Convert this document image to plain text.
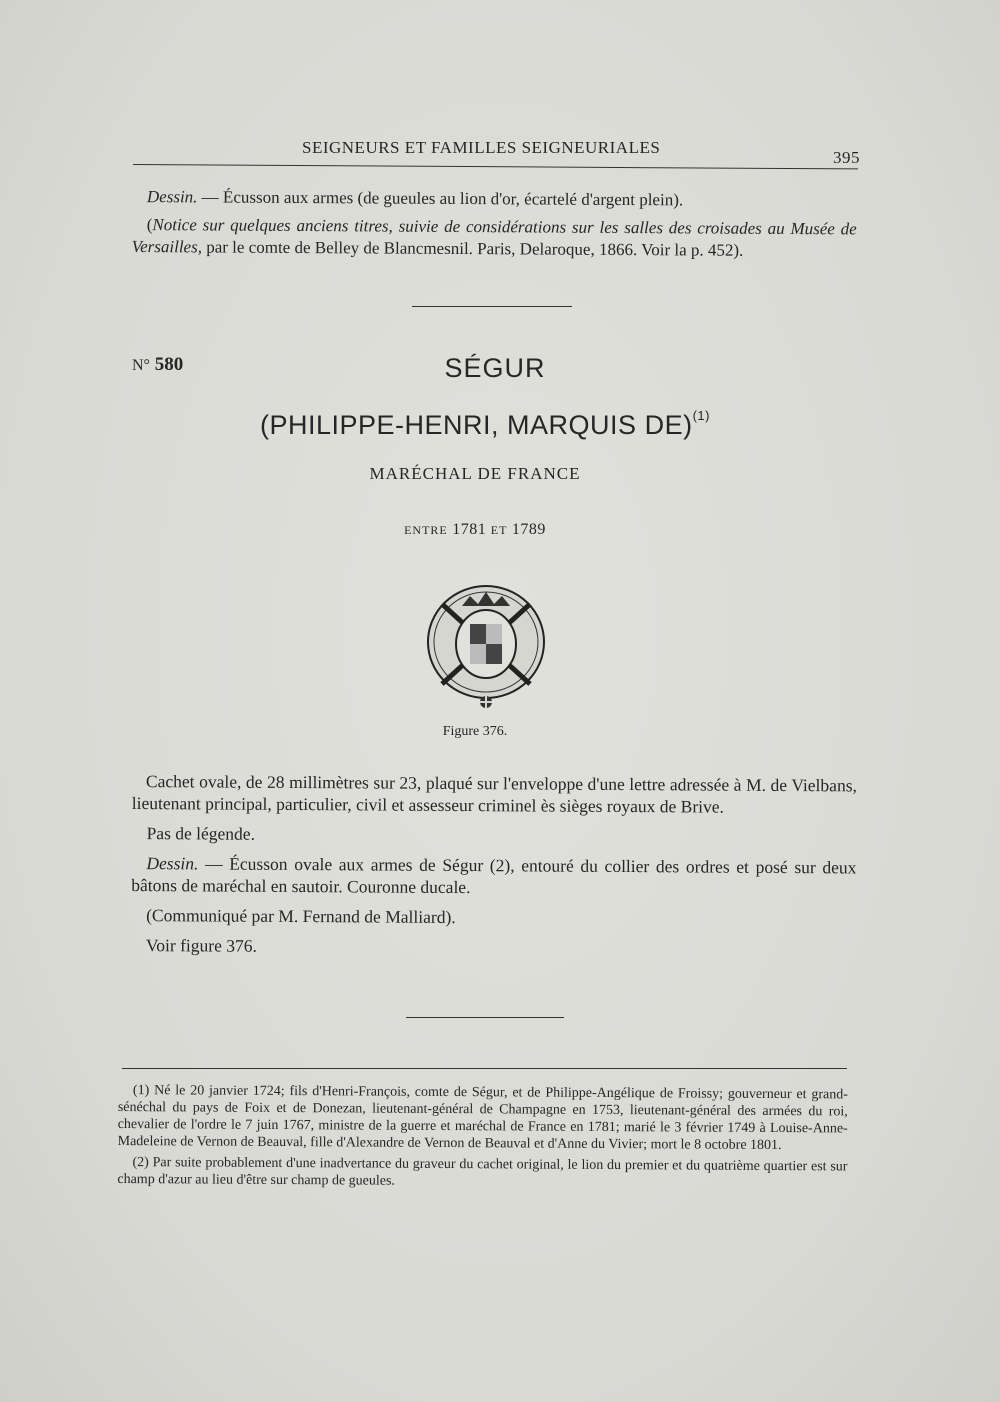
SEIGNEURS ET FAMILLES SEIGNEURIALES
395

Dessin. — Écusson aux armes (de gueules au lion d'or, écartelé d'argent plein).

(Notice sur quelques anciens titres, suivie de considérations sur les salles des croisades au Musée de Versailles, par le comte de Belley de Blancmesnil. Paris, Delaroque, 1866. Voir la p. 452).

N° 580	SÉGUR
(PHILIPPE-HENRI, MARQUIS DE)$^{(1)}$
MARÉCHAL DE FRANCE
ENTRE 1781 ET 1789
Figure 376.

Cachet ovale, de 28 millimètres sur 23, plaqué sur l'enveloppe d'une lettre adressée à M. de Vielbans, lieutenant principal, particulier, civil et assesseur criminel ès sièges royaux de Brive.

Pas de légende.

Dessin. — Écusson ovale aux armes de Ségur (2), entouré du collier des ordres et posé sur deux bâtons de maréchal en sautoir. Couronne ducale.

(Communiqué par M. Fernand de Malliard).

Voir figure 376.

(1) Né le 20 janvier 1724; fils d'Henri-François, comte de Ségur, et de Philippe-Angélique de Froissy; gouverneur et grand-sénéchal du pays de Foix et de Donezan, lieutenant-général de Champagne en 1753, lieutenant-général des armées du roi, chevalier de l'ordre le 7 juin 1767, ministre de la guerre et maréchal de France en 1781; marié le 3 février 1749 à Louise-Anne-Madeleine de Vernon de Beauval, fille d'Alexandre de Vernon de Beauval et d'Anne du Vivier; mort le 8 octobre 1801.

(2) Par suite probablement d'une inadvertance du graveur du cachet original, le lion du premier et du quatrième quartier est sur champ d'azur au lieu d'être sur champ de gueules.
